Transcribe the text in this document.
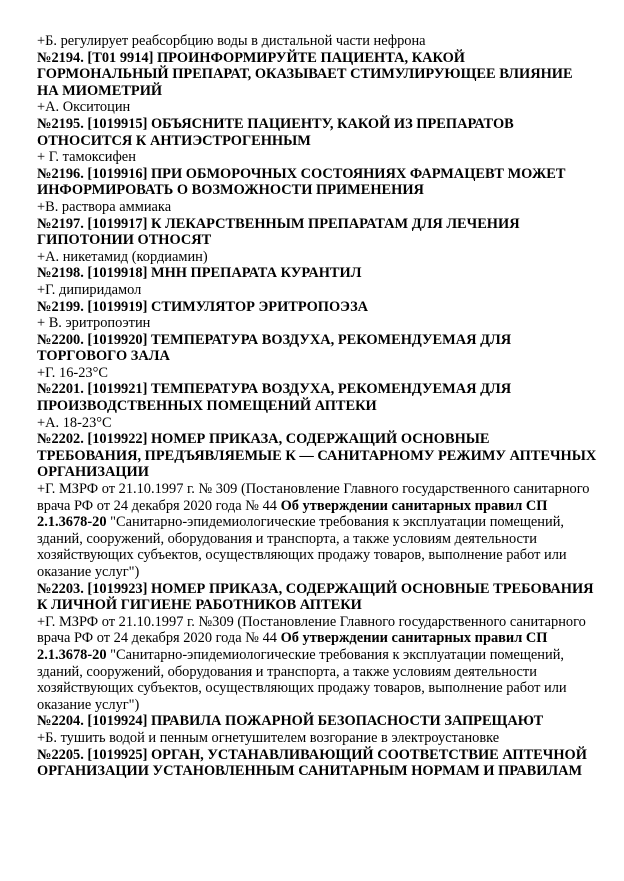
+Б. регулирует реабсорбцию воды в дистальной части нефрона

№2194. [Т01 9914] ПРОИНФОРМИРУЙТЕ ПАЦИЕНТА, КАКОЙ ГОРМОНАЛЬНЫЙ ПРЕПАРАТ, ОКАЗЫВАЕТ СТИМУЛИРУЮЩЕЕ ВЛИЯНИЕ НА МИОМЕТРИЙ

+А. Окситоцин

№2195. [1019915] ОБЪЯСНИТЕ ПАЦИЕНТУ, КАКОЙ ИЗ ПРЕПАРАТОВ ОТНОСИТСЯ К АНТИЭСТРОГЕННЫМ

+ Г. тамоксифен

№2196. [1019916] ПРИ ОБМОРОЧНЫХ СОСТОЯНИЯХ ФАРМАЦЕВТ МОЖЕТ ИНФОРМИРОВАТЬ О ВОЗМОЖНОСТИ ПРИМЕНЕНИЯ

+В. раствора аммиака

№2197. [1019917] К ЛЕКАРСТВЕННЫМ ПРЕПАРАТАМ ДЛЯ ЛЕЧЕНИЯ ГИПОТОНИИ ОТНОСЯТ

+А. никетамид (кордиамин)

№2198. [1019918] МНН ПРЕПАРАТА КУРАНТИЛ

+Г. дипиридамол

№2199. [1019919] СТИМУЛЯТОР ЭРИТРОПОЭЗА

+ В. эритропоэтин

№2200. [1019920] ТЕМПЕРАТУРА ВОЗДУХА, РЕКОМЕНДУЕМАЯ ДЛЯ ТОРГОВОГО ЗАЛА

+Г. 16-23°С

№2201. [1019921] ТЕМПЕРАТУРА ВОЗДУХА, РЕКОМЕНДУЕМАЯ ДЛЯ ПРОИЗВОДСТВЕННЫХ ПОМЕЩЕНИЙ АПТЕКИ

+А. 18-23°С

№2202. [1019922] НОМЕР ПРИКАЗА, СОДЕРЖАЩИЙ ОСНОВНЫЕ ТРЕБОВАНИЯ, ПРЕДЪЯВЛЯЕМЫЕ К — САНИТАРНОМУ РЕЖИМУ АПТЕЧНЫХ ОРГАНИЗАЦИИ

+Г. МЗРФ от 21.10.1997 г. № 309 (Постановление Главного государственного санитарного врача РФ от 24 декабря 2020 года № 44 Об утверждении санитарных правил СП 2.1.3678-20 "Санитарно-эпидемиологические требования к эксплуатации помещений, зданий, сооружений, оборудования и транспорта, а также условиям деятельности хозяйствующих субъектов, осуществляющих продажу товаров, выполнение работ или оказание услуг")

№2203. [1019923] НОМЕР ПРИКАЗА, СОДЕРЖАЩИЙ ОСНОВНЫЕ ТРЕБОВАНИЯ К ЛИЧНОЙ ГИГИЕНЕ РАБОТНИКОВ АПТЕКИ

+Г. МЗРФ от 21.10.1997 г. №309 (Постановление Главного государственного санитарного врача РФ от 24 декабря 2020 года № 44 Об утверждении санитарных правил СП 2.1.3678-20 "Санитарно-эпидемиологические требования к эксплуатации помещений, зданий, сооружений, оборудования и транспорта, а также условиям деятельности хозяйствующих субъектов, осуществляющих продажу товаров, выполнение работ или оказание услуг")

№2204. [1019924] ПРАВИЛА ПОЖАРНОЙ БЕЗОПАСНОСТИ ЗАПРЕЩАЮТ

+Б. тушить водой и пенным огнетушителем возгорание в электроустановке

№2205. [1019925] ОРГАН, УСТАНАВЛИВАЮЩИЙ СООТВЕТСТВИЕ АПТЕЧНОЙ ОРГАНИЗАЦИИ УСТАНОВЛЕННЫМ САНИТАРНЫМ НОРМАМ И ПРАВИЛАМ
